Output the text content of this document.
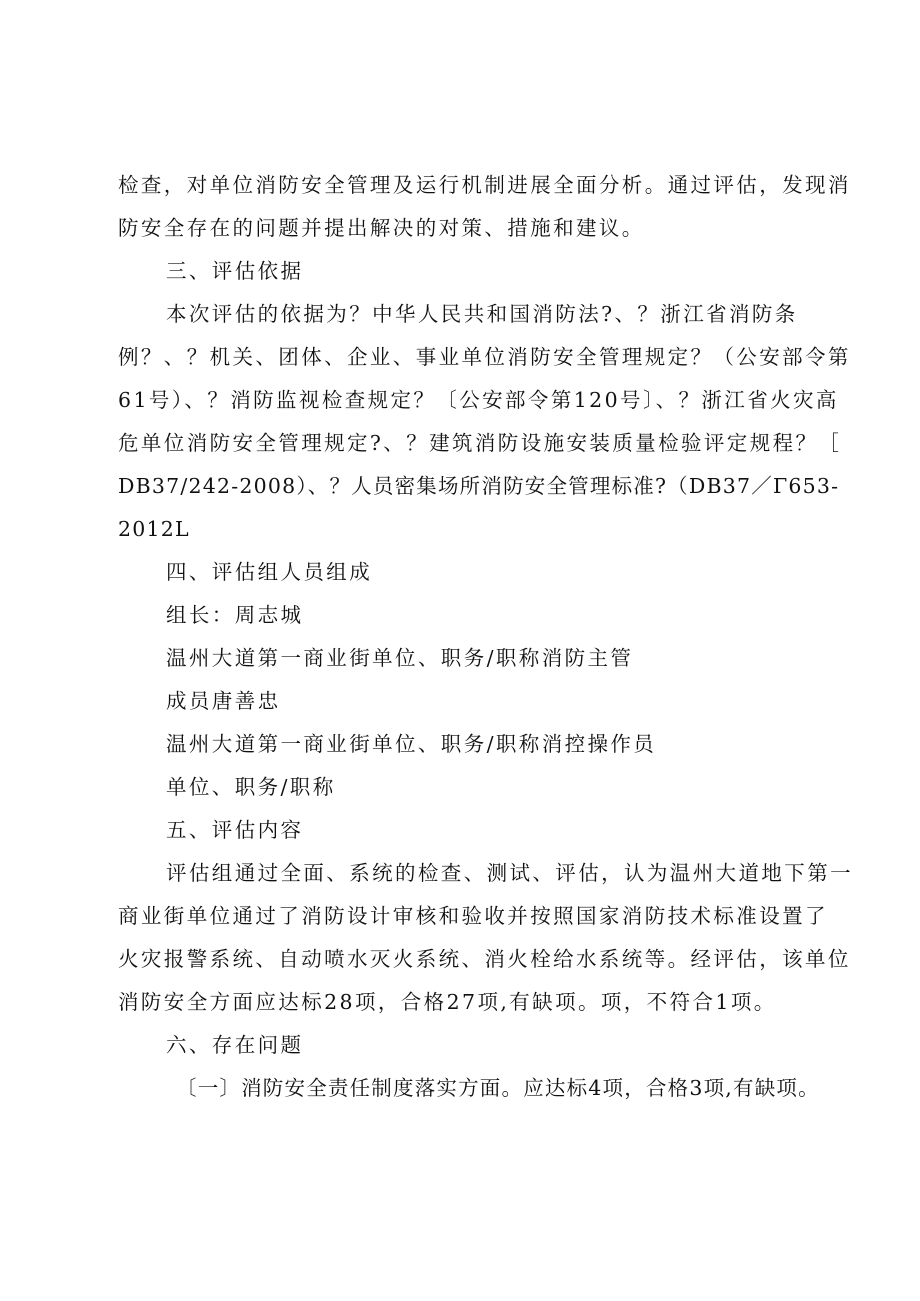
检查，对单位消防安全管理及运行机制进展全面分析。通过评估，发现消
防安全存在的问题并提出解决的对策、措施和建议。
三、评估依据
本次评估的依据为？中华人民共和国消防法?、？浙江省消防条
例？、？机关、团体、企业、事业单位消防安全管理规定？（公安部令第
61号）、？消防监视检查规定？〔公安部令第120号〕、？浙江省火灾高
危单位消防安全管理规定?、？建筑消防设施安装质量检验评定规程？［
DB37/242-2008）、？人员密集场所消防安全管理标准?（DB37／Γ653-
2012L
四、评估组人员组成
组长：周志城
温州大道第一商业街单位、职务/职称消防主管
成员唐善忠
温州大道第一商业街单位、职务/职称消控操作员
单位、职务/职称
五、评估内容
评估组通过全面、系统的检查、测试、评估，认为温州大道地下第一
商业街单位通过了消防设计审核和验收并按照国家消防技术标准设置了
火灾报警系统、自动喷水灭火系统、消火栓给水系统等。经评估，该单位
消防安全方面应达标28项，合格27项,有缺项。项，不符合1项。
六、存在问题
〔一〕消防安全责任制度落实方面。应达标4项，合格3项,有缺项。
